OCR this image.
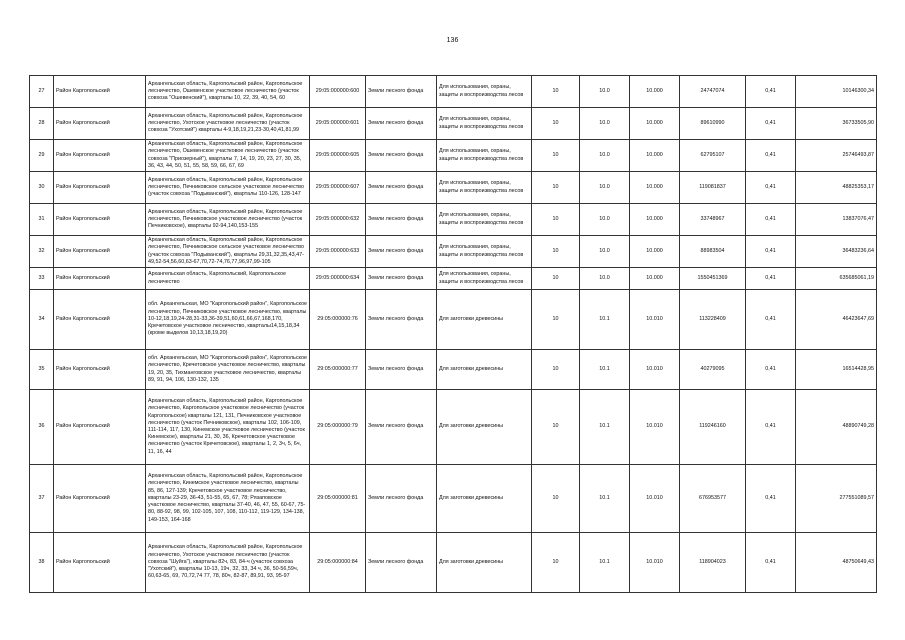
136
27	Район Каргопольский	Архангельская область, Каргопольский район, Каргопольское лесничество, Ошевенское участковое лесничество (участок совхоза "Ошевенский"), кварталы 10, 22, 39, 40, 54, 60	29:05:000000:600	Земли лесного фонда	Для использования, охраны, защиты и воспроизводства лесов	10	10.0	10.000	24747074	0,41	10146300,34
28	Район Каргопольский	Архангельская область, Каргопольский район, Каргопольское лесничество, Ухотское участковое лесничество (участок совхоза "Ухотский") кварталы 4-9,18,19,21,23-30,40,41,81,99	29:05:000000:601	Земли лесного фонда	Для использования, охраны, защиты и воспроизводства лесов	10	10.0	10.000	89610990	0,41	36733505,90
29	Район Каргопольский	Архангельская область, Каргопольский район, Каргопольское лесничество, Ошевенское участковое лесничество (участок совхоза "Приозерный"), кварталы 7, 14, 19, 20, 23, 27, 30, 35, 36, 43, 44, 50, 51, 55, 58, 59, 66, 67, 69	29:05:000000:605	Земли лесного фонда	Для использования, охраны, защиты и воспроизводства лесов	10	10.0	10.000	62795107	0,41	25746493,87
30	Район Каргопольский	Архангельская область, Каргопольский район, Каргопольское лесничество, Печниковское сельское участковое лесничество (участок совхоза "Подыванский"), кварталы 110-126, 128-147	29:05:000000:607	Земли лесного фонда	Для использования, охраны, защиты и воспроизводства лесов	10	10.0	10.000	119081837	0,41	48825353,17
31	Район Каргопольский	Архангельская область, Каргопольский район, Каргопольское лесничество, Печниковское участковое лесничество (участок Печниковское), кварталы 92-94,140,153-155	29:05:000000:632	Земли лесного фонда	Для использования, охраны, защиты и воспроизводства лесов	10	10.0	10.000	33748967	0,41	13837076,47
32	Район Каргопольский	Архангельская область, Каргопольский район, Каргопольское лесничество, Печниковское сельское участковое лесничество (участок совхоза "Подыванский"), кварталы 29,31,32,35,43,47-49,52-54,56,60,63-67,70,72-74,76,77,96,97,99-105	29:05:000000:633	Земли лесного фонда	Для использования, охраны, защиты и воспроизводства лесов	10	10.0	10.000	88983504	0,41	36483236,64
33	Район Каргопольский	Архангельская область, Каргопольский, Каргопольское лесничество	29:05:000000:634	Земли лесного фонда	Для использования, охраны, защиты и воспроизводства лесов	10	10.0	10.000	1550451369	0,41	635685061,19
34	Район Каргопольский	обл. Архангельская, МО "Каргопольский район", Каргопольское лесничество, Печниковское участковое лесничество, кварталы 10-12,18,19,24-28,31-33,36-39,51,60,61,66,67,168,170, Кречетовское участковое лесничество, кварталы14,15,18,34 (кроме выделов 10,13,18,19,20)	29:05:000000:76	Земли лесного фонда	Для заготовки древесины	10	10.1	10.010	113228409	0,41	46423647,69
35	Район Каргопольский	обл. Архангельская, МО "Каргопольский район", Каргопольское лесничество, Кречетовское участковое лесничество, кварталы 19, 20, 35, Тихманговское участковое лесничество, кварталы 89, 91, 94, 106, 130-132, 135	29:05:000000:77	Земли лесного фонда	Для заготовки древесины	10	10.1	10.010	40279095	0,41	16514428,95
36	Район Каргопольский	Архангельская область, Каргопольский район, Каргопольское лесничество, Каргопольское участковое лесничество (участок Каргопольское) кварталы 121, 131, Печниковское участковое лесничество (участок Печниковское), кварталы 102, 106-109, 111-114, 117, 130, Кинемское участковое лесничество (участок Кинемское), кварталы 21, 30, 36, Кречетовское участковое лесничество (участок Кречетовское), кварталы 1, 2, 3ч, 5, 6ч, 11, 16, 44	29:05:000000:79	Земли лесного фонда	Для заготовки древесины	10	10.1	10.010	119246160	0,41	48890749,28
37	Район Каргопольский	Архангельская область, Каргопольский район, Каргопольское лесничество, Кинемское участковое лесничество, кварталы 85, 86, 127-139; Кречетовское участковое лесничество, кварталы 23-29, 36-43, 51-55, 65, 67, 78; Рязаповское участковое лесничество, кварталы 37-40, 46, 47, 55, 60-67, 75-80, 88-92, 98, 99, 102-105, 107, 108, 110-112, 119-129, 134-138, 149-153, 164-168	29:05:000000:81	Земли лесного фонда	Для заготовки древесины	10	10.1	10.010	676953577	0,41	277551089,57
38	Район Каргопольский	Архангельская область, Каргопольский район, Каргопольское лесничество, Ухотское участковое лесничество (участок совхоза "Шуйга"), кварталы 82ч, 83, 84-ч (участок совхоза "Ухотский"), кварталы 10-13, 19ч, 32, 33, 34 ч, 36, 50-56,59ч, 60,63-65, 69, 70,72,74 77, 78, 80ч, 82-87, 89,91, 93, 95-97	29:05:000000:84	Земли лесного фонда	Для заготовки древесины	10	10.1	10.010	118904023	0,41	48750649,43
